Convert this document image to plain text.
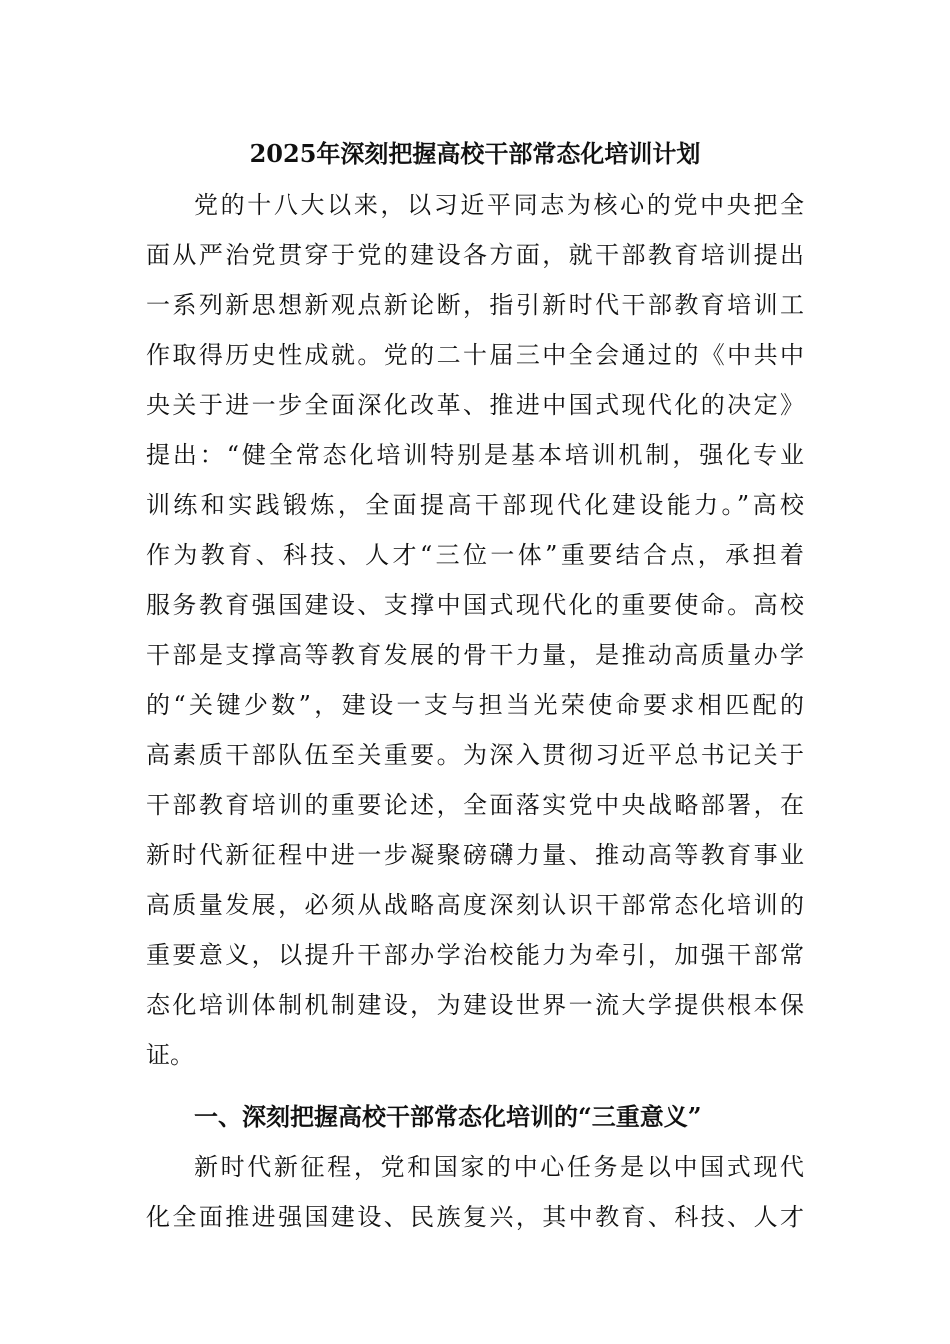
2025年深刻把握高校干部常态化培训计划
党的十八大以来，以习近平同志为核心的党中央把全
面从严治党贯穿于党的建设各方面，就干部教育培训提出
一系列新思想新观点新论断，指引新时代干部教育培训工
作取得历史性成就。党的二十届三中全会通过的《中共中
央关于进一步全面深化改革、推进中国式现代化的决定》
提出：“健全常态化培训特别是基本培训机制，强化专业
训练和实践锻炼，全面提高干部现代化建设能力。”高校
作为教育、科技、人才“三位一体”重要结合点，承担着
服务教育强国建设、支撑中国式现代化的重要使命。高校
干部是支撑高等教育发展的骨干力量，是推动高质量办学
的“关键少数”，建设一支与担当光荣使命要求相匹配的
高素质干部队伍至关重要。为深入贯彻习近平总书记关于
干部教育培训的重要论述，全面落实党中央战略部署，在
新时代新征程中进一步凝聚磅礴力量、推动高等教育事业
高质量发展，必须从战略高度深刻认识干部常态化培训的
重要意义，以提升干部办学治校能力为牵引，加强干部常
态化培训体制机制建设，为建设世界一流大学提供根本保
证。
一、深刻把握高校干部常态化培训的“三重意义”
新时代新征程，党和国家的中心任务是以中国式现代
化全面推进强国建设、民族复兴，其中教育、科技、人才
